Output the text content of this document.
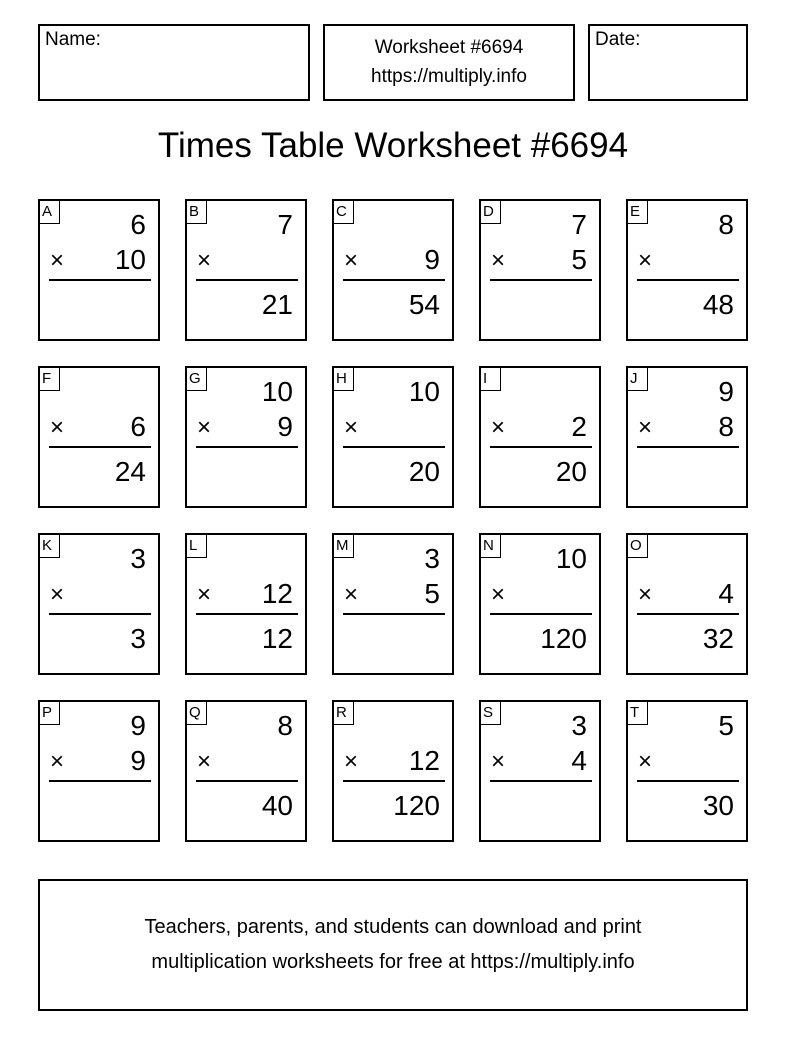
Name:	Worksheet #6694
https://multiply.info
Date:
Times Table Worksheet #6694
A	6
× 10
B	7
×
21
C
× 9
54
D	7
× 5
E	8
×
48
F
× 6
24
G 10
× 9
H 10
×
20
I
× 2
20
J	9
× 8
K	3
×
3
L
× 12
12
M	3
× 5
N 10
×
120
O
× 4
32
P	9
× 9
Q	8
×
40
R
× 12
120
S	3
× 4
T	5
×
30
Teachers, parents, and students can download and print
multiplication worksheets for free at https://multiply.info
